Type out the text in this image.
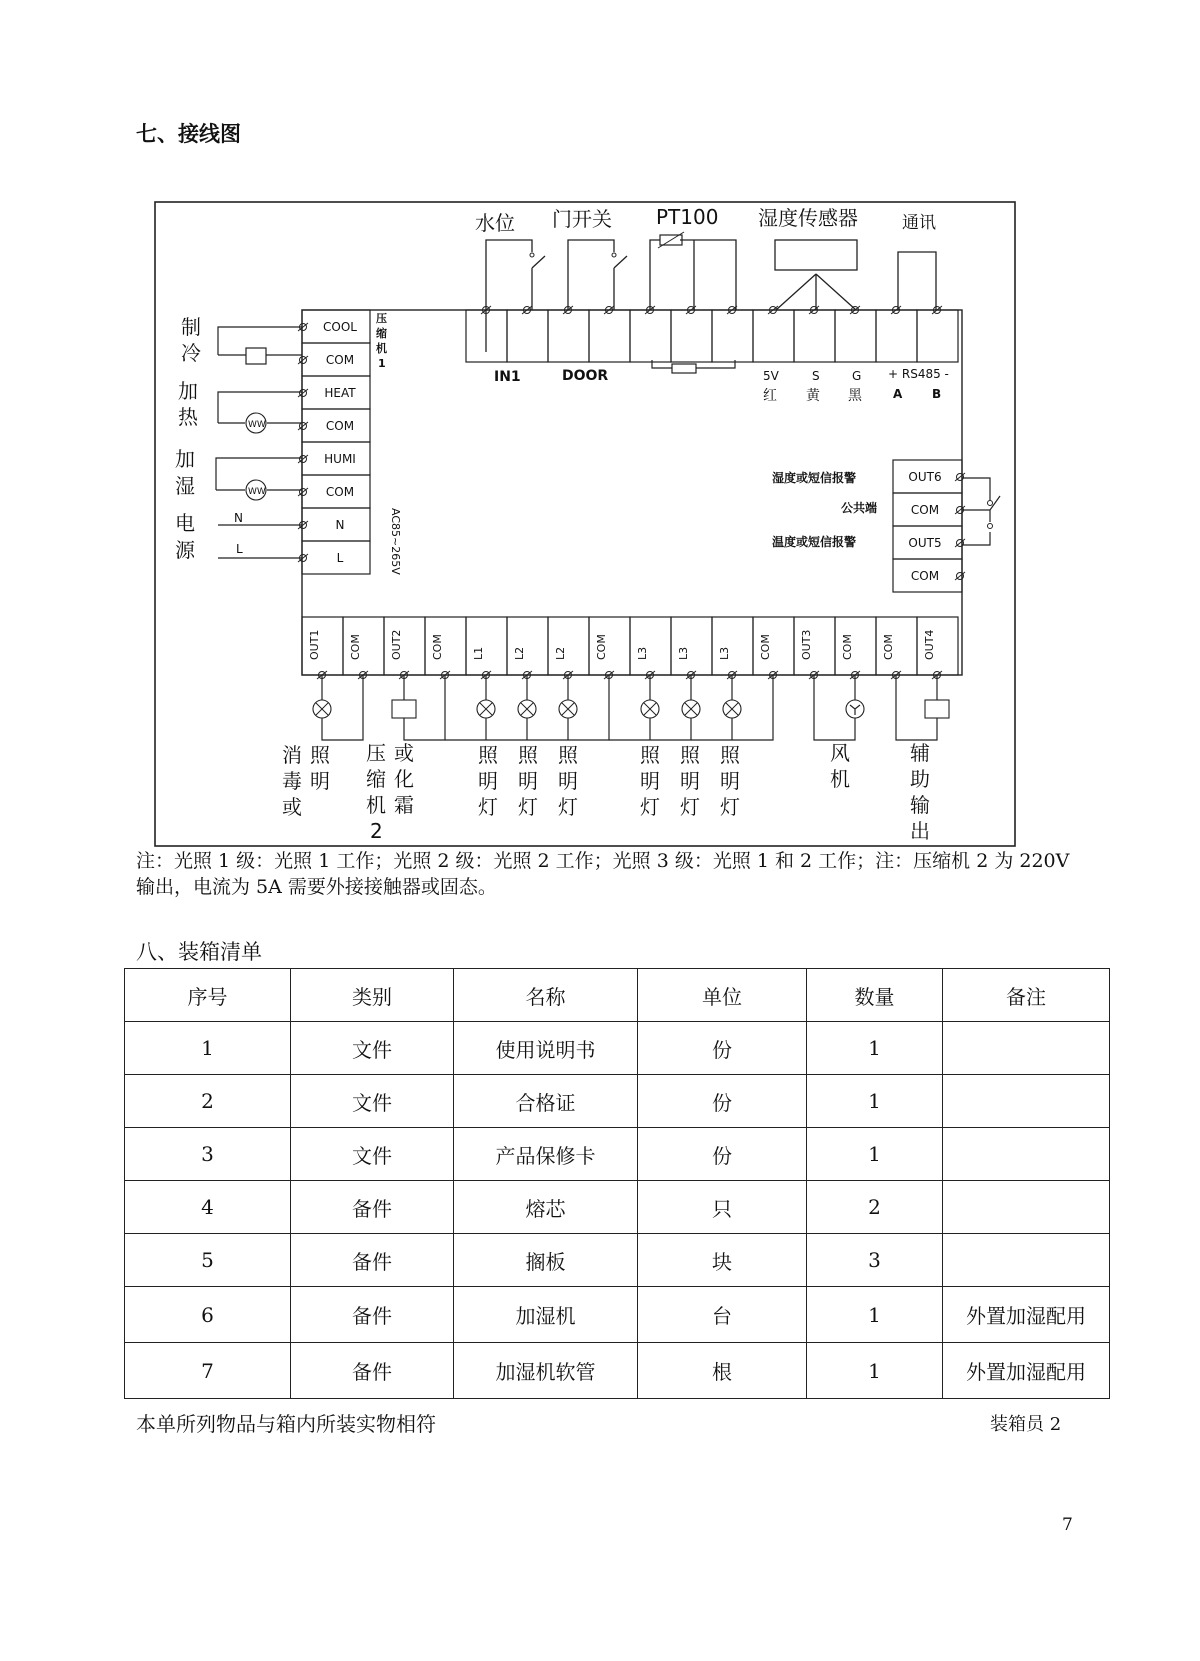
七、接线图
COOL
COM
HEAT
COM
HUMI
COM
N
L
OUT1	COM	OUT2	COM	L1	L2	L2	COM	L3	L3	L3	COM	OUT3	COM	COM	OUT4
OUT6
COM
OUT5
COM
水位 门开关 PT100 湿度传感器	通讯
IN1	DOOR	5V
红
S
黄
G
黑
+ RS485 -
A B
制
冷
加
热
加
湿
电
源
N
L
WW
WW
压
缩
机
1
AC85~265V
湿度或短信报警
公共端
温度或短信报警
消
毒
或
照
明
压
缩
机
2
或
化
霜
照
明
灯
照
明
灯
照
明
灯
照
明
灯
照
明
灯
照
明
灯
风
机
辅
助
输
出
注：光照 1 级：光照 1 工作；光照 2 级：光照 2 工作；光照 3 级：光照 1 和 2 工作；注：压缩机 2 为 220V 输出，电流为 5A 需要外接接触器或固态。
八、装箱清单
序号	类别	名称	单位	数量	备注
1	文件	使用说明书	份	1	
2	文件	合格证	份	1	
3	文件	产品保修卡	份	1	
4	备件	熔芯	只	2	
5	备件	搁板	块	3	
6	备件	加湿机	台	1	外置加湿配用
7	备件	加湿机软管	根	1	外置加湿配用
本单所列物品与箱内所装实物相符	装箱员 2
7
